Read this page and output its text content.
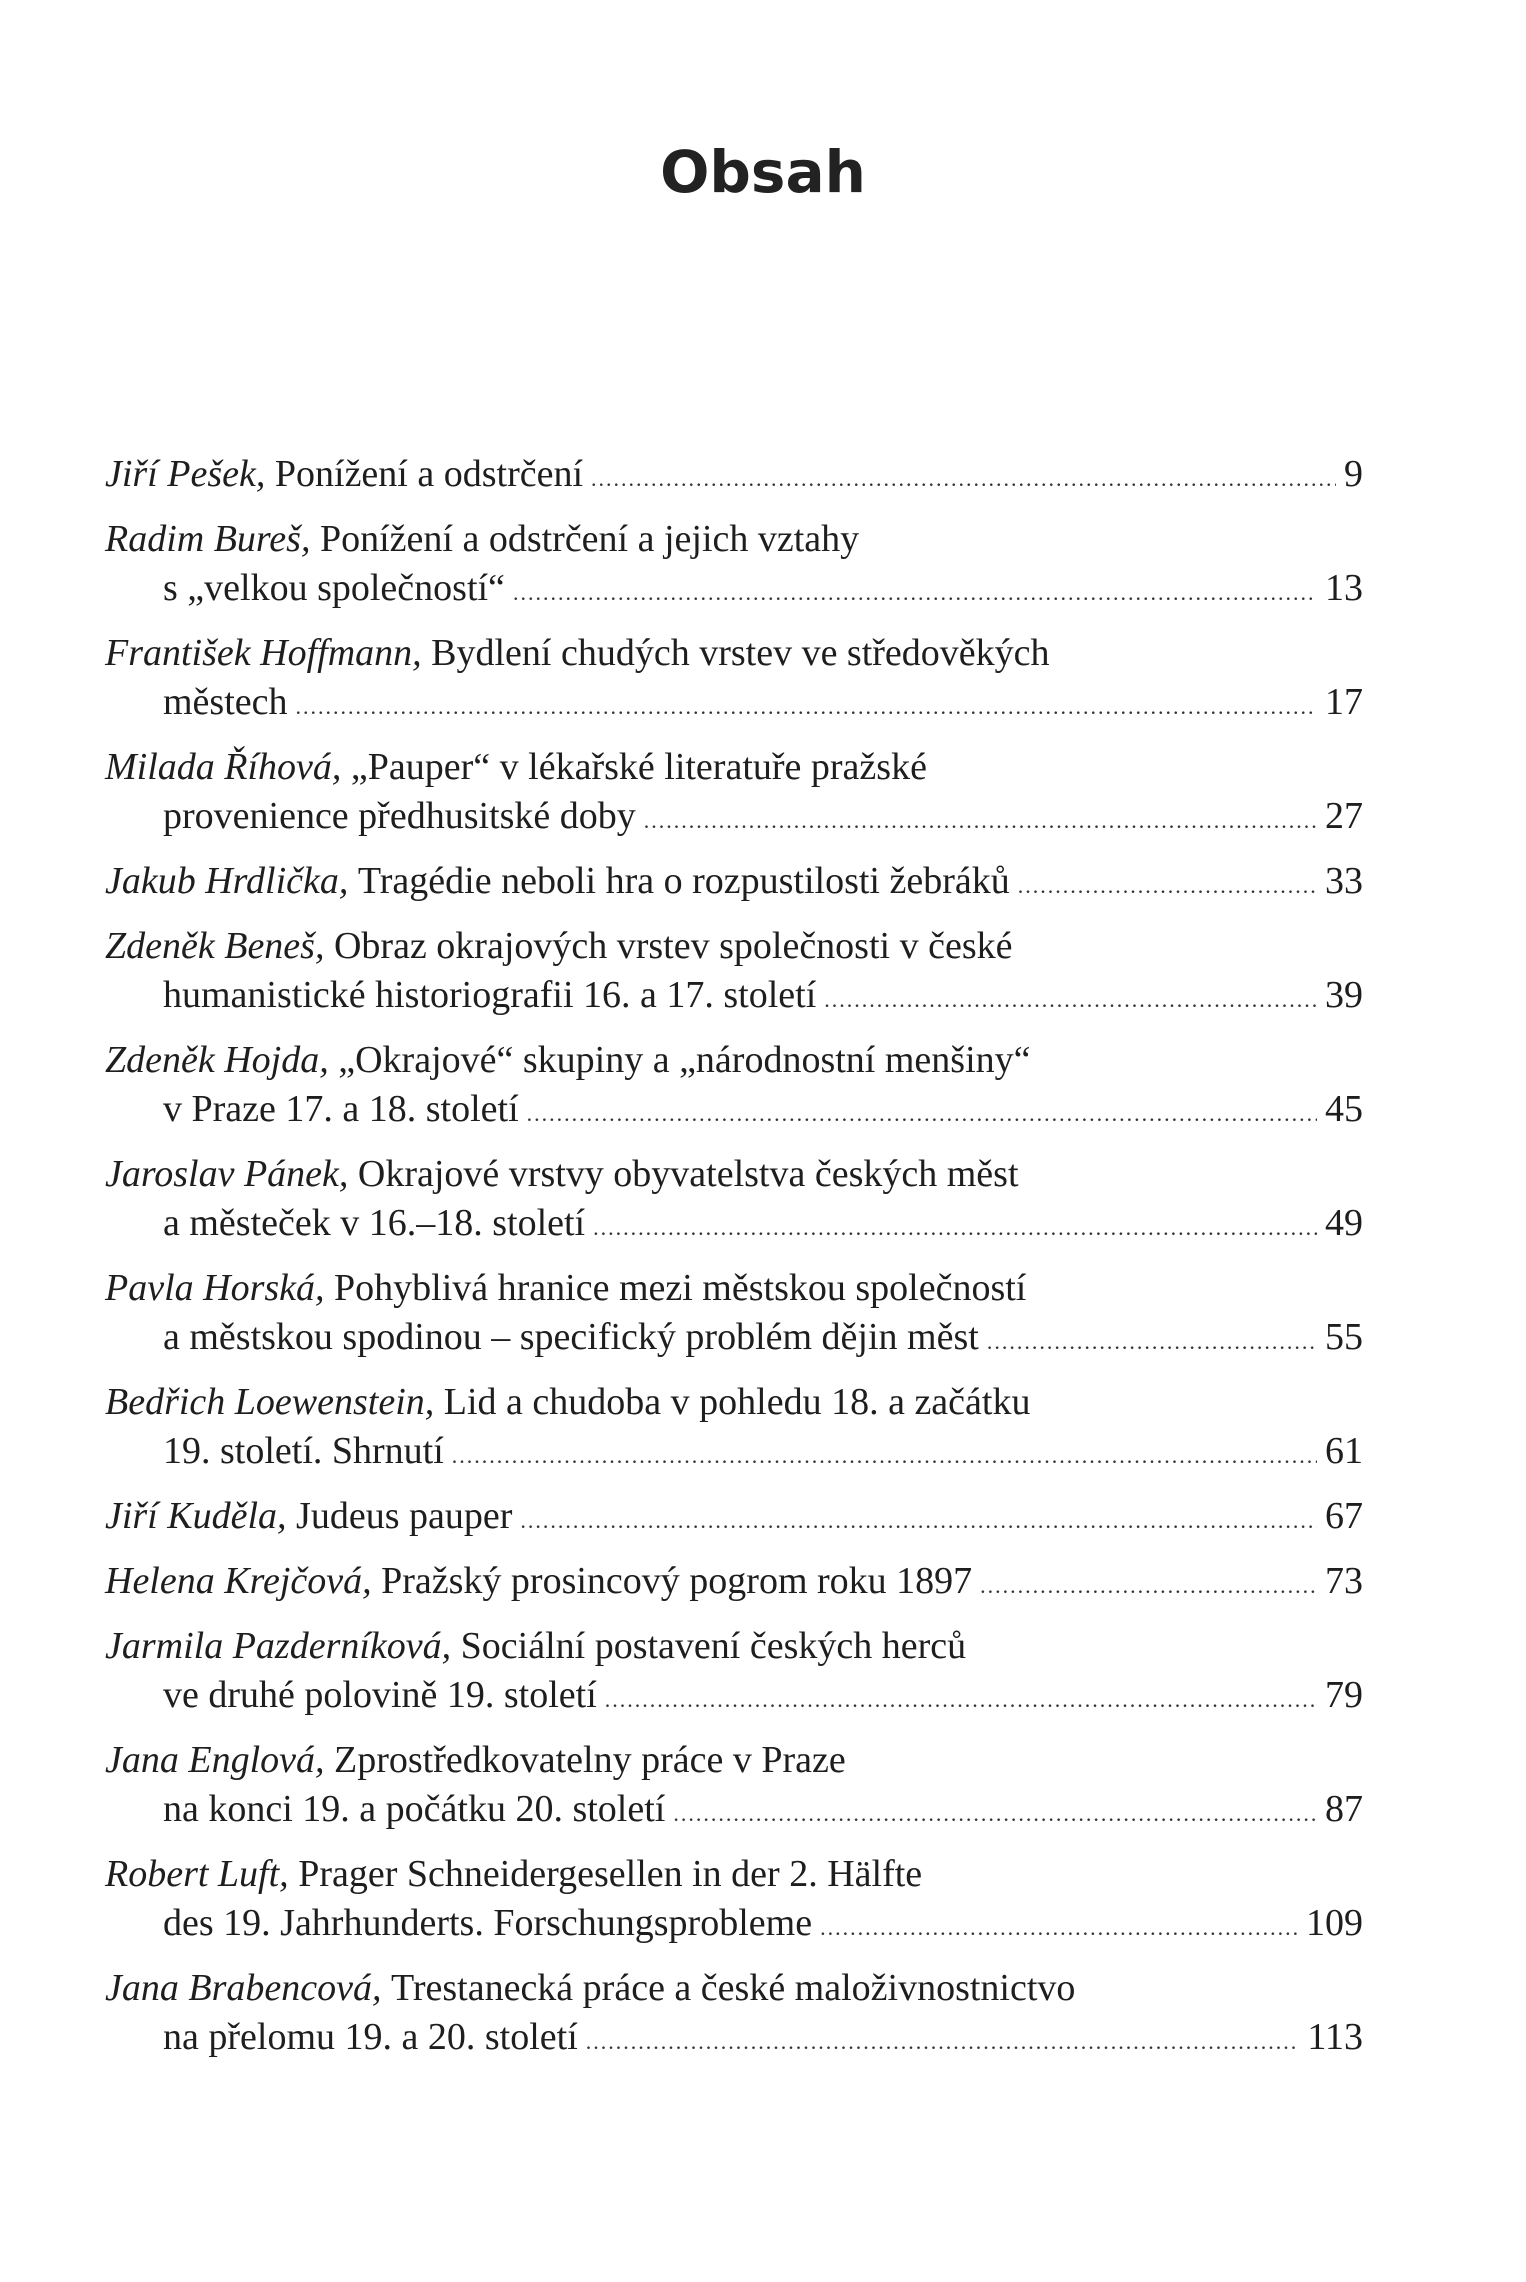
Obsah
Jiří Pešek,
Ponížení a odstrčení .....	9
Radim Bureš,
Ponížení a odstrčení a jejich vztahy
s „velkou společností“ .....	13
František Hoffmann,
Bydlení chudých vrstev ve středověkých
městech .....	17
Milada Říhová,
„Pauper“ v lékařské literatuře pražské
provenience předhusitské doby .....	27
Jakub Hrdlička,
Tragédie neboli hra o rozpustilosti žebráků .....	33
Zdeněk Beneš,
Obraz okrajových vrstev společnosti v české
humanistické historiografii 16. a 17. století .....	39
Zdeněk Hojda,
„Okrajové“ skupiny a „národnostní menšiny“
v Praze 17. a 18. století .....	45
Jaroslav Pánek,
Okrajové vrstvy obyvatelstva českých měst
a městeček v 16.–18. století .....	49
Pavla Horská,
Pohyblivá hranice mezi městskou společností
a městskou spodinou – specifický problém dějin měst .....	55
Bedřich Loewenstein,
Lid a chudoba v pohledu 18. a začátku
19. století. Shrnutí .....	61
Jiří Kuděla,
Judeus pauper .....	67
Helena Krejčová,
Pražský prosincový pogrom roku 1897 .....	73
Jarmila Pazderníková,
Sociální postavení českých herců
ve druhé polovině 19. století .....	79
Jana Englová,
Zprostředkovatelny práce v Praze
na konci 19. a počátku 20. století .....	87
Robert Luft,
Prager Schneidergesellen in der 2. Hälfte
des 19. Jahrhunderts. Forschungsprobleme .....	109
Jana Brabencová,
Trestanecká práce a české maloživnostnictvo
na přelomu 19. a 20. století .....	113
